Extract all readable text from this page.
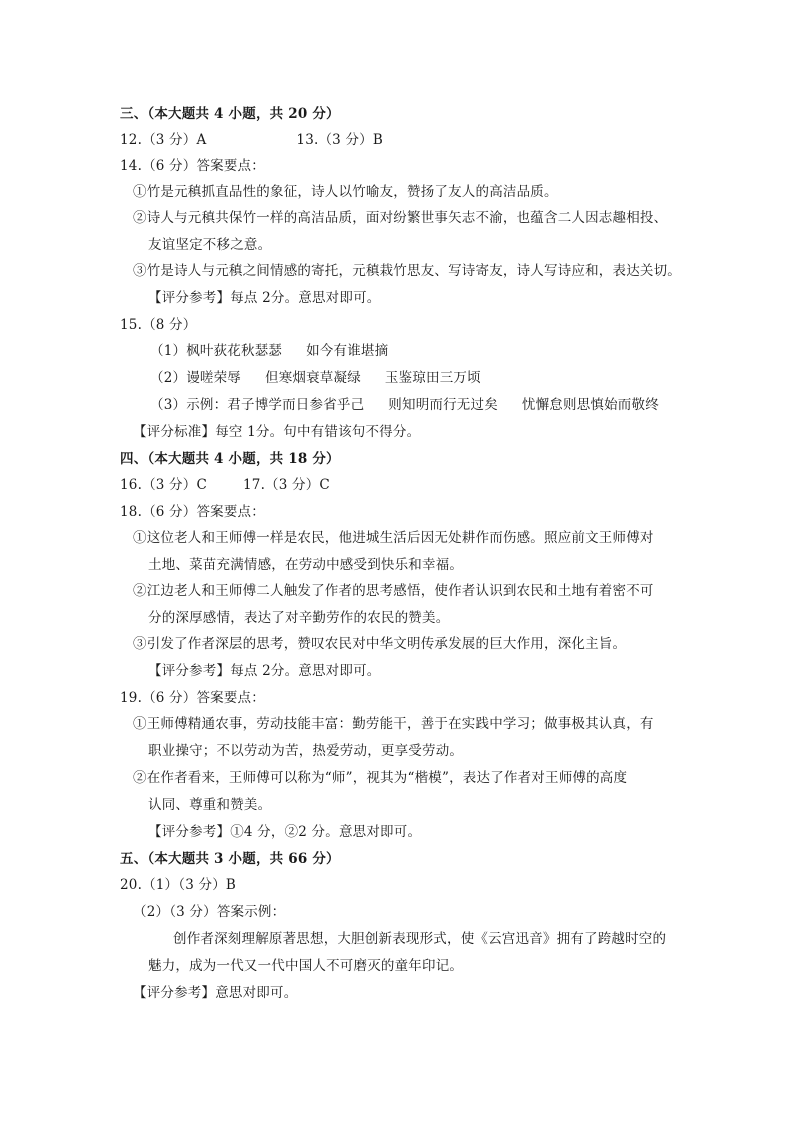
三、（本大题共 4 小题，共 20 分）
12.（3 分）A	13.（3 分）B
14.（6 分）答案要点：
①竹是元稹抓直品性的象征，诗人以竹喻友，赞扬了友人的高洁品质。
②诗人与元稹共保竹一样的高洁品质，面对纷繁世事矢志不渝，也蕴含二人因志趣相投、
友谊坚定不移之意。
③竹是诗人与元稹之间情感的寄托，元稹栽竹思友、写诗寄友，诗人写诗应和，表达关切。
【评分参考】每点 2分。意思对即可。
15.（8 分）
（1）枫叶荻花秋瑟瑟 如今有谁堪摘
（2）谩嗟荣辱 但寒烟衰草凝绿 玉鉴琼田三万顷
（3）示例：君子博学而日参省乎己 则知明而行无过矣 忧懈怠则思慎始而敬终
【评分标准】每空 1分。句中有错该句不得分。
四、（本大题共 4 小题，共 18 分）
16.（3 分）C	17.（3 分）C
18.（6 分）答案要点：
①这位老人和王师傅一样是农民，他进城生活后因无处耕作而伤感。照应前文王师傅对
土地、菜苗充满情感，在劳动中感受到快乐和幸福。
②江边老人和王师傅二人触发了作者的思考感悟，使作者认识到农民和土地有着密不可
分的深厚感情，表达了对辛勤劳作的农民的赞美。
③引发了作者深层的思考，赞叹农民对中华文明传承发展的巨大作用，深化主旨。
【评分参考】每点 2分。意思对即可。
19.（6 分）答案要点：
①王师傅精通农事，劳动技能丰富：勤劳能干，善于在实践中学习；做事极其认真，有
职业操守；不以劳动为苦，热爱劳动，更享受劳动。
②在作者看来，王师傅可以称为“师”，视其为“楷模”，表达了作者对王师傅的高度
认同、尊重和赞美。
【评分参考】①4 分，②2 分。意思对即可。
五、（本大题共 3 小题，共 66 分）
20.（1）（3 分）B
（2）（3 分）答案示例：
创作者深刻理解原著思想，大胆创新表现形式，使《云宫迅音》拥有了跨越时空的
魅力，成为一代又一代中国人不可磨灭的童年印记。
【评分参考】意思对即可。
